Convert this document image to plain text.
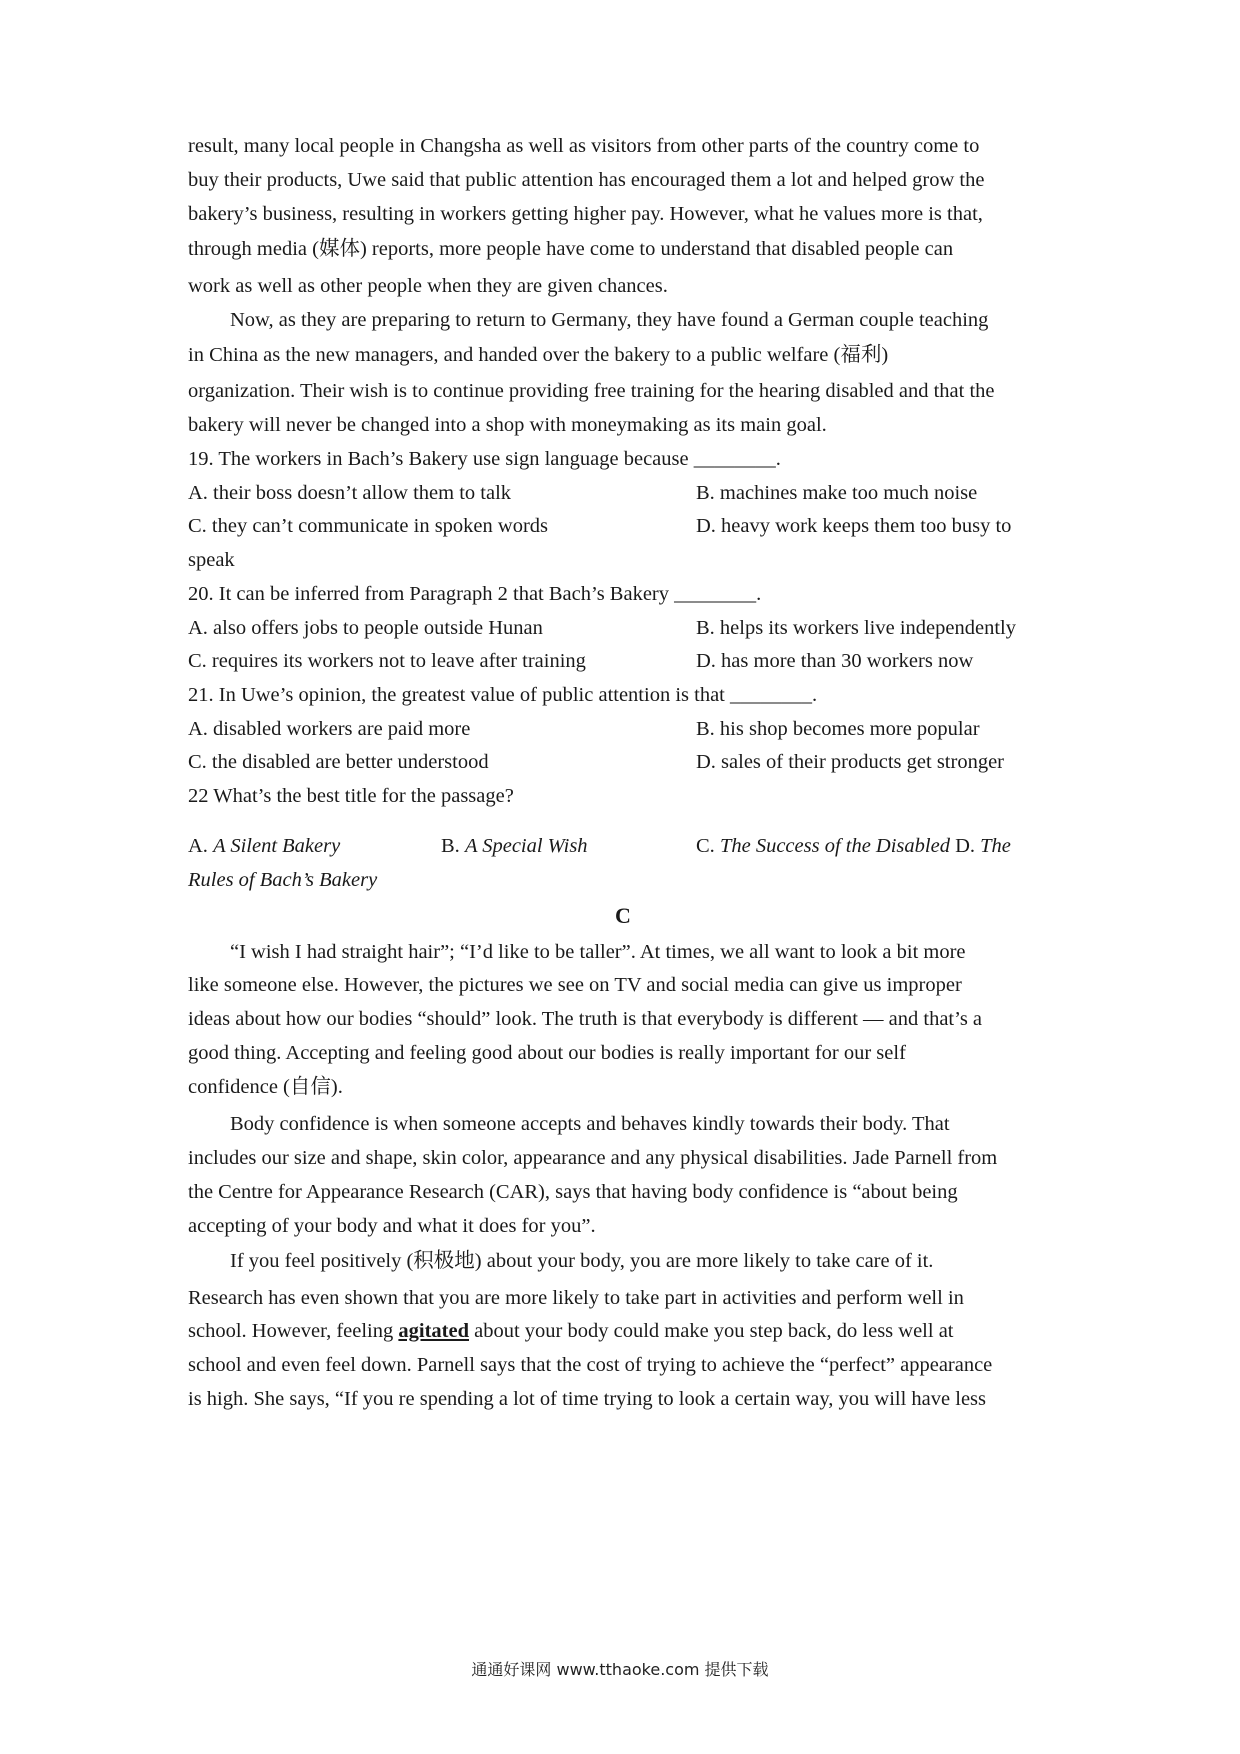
result, many local people in Changsha as well as visitors from other parts of the country come to
buy their products, Uwe said that public attention has encouraged them a lot and helped grow the
bakery’s business, resulting in workers getting higher pay. However, what he values more is that,
through media (媒体) reports, more people have come to understand that disabled people can
work as well as other people when they are given chances.
Now, as they are preparing to return to Germany, they have found a German couple teaching
in China as the new managers, and handed over the bakery to a public welfare (福利)
organization. Their wish is to continue providing free training for the hearing disabled and that the
bakery will never be changed into a shop with moneymaking as its main goal.
19. The workers in Bach’s Bakery use sign language because ________.
A. their boss doesn’t allow them to talk	B. machines make too much noise
C. they can’t communicate in spoken words	D. heavy work keeps them too busy to
speak
20. It can be inferred from Paragraph 2 that Bach’s Bakery ________.
A. also offers jobs to people outside Hunan	B. helps its workers live independently
C. requires its workers not to leave after training	D. has more than 30 workers now
21. In Uwe’s opinion, the greatest value of public attention is that ________.
A. disabled workers are paid more	B. his shop becomes more popular
C. the disabled are better understood	D. sales of their products get stronger
22 What’s the best title for the passage?
A. A Silent Bakery	B. A Special Wish	C. The Success of the Disabled D. The
Rules of Bach’s Bakery
C
“I wish I had straight hair”; “I’d like to be taller”. At times, we all want to look a bit more
like someone else. However, the pictures we see on TV and social media can give us improper
ideas about how our bodies “should” look. The truth is that everybody is different — and that’s a
good thing. Accepting and feeling good about our bodies is really important for our self
confidence (自信).
Body confidence is when someone accepts and behaves kindly towards their body. That
includes our size and shape, skin color, appearance and any physical disabilities. Jade Parnell from
the Centre for Appearance Research (CAR), says that having body confidence is “about being
accepting of your body and what it does for you”.
If you feel positively (积极地) about your body, you are more likely to take care of it.
Research has even shown that you are more likely to take part in activities and perform well in
school. However, feeling agitated about your body could make you step back, do less well at
school and even feel down. Parnell says that the cost of trying to achieve the “perfect” appearance
is high. She says, “If you re spending a lot of time trying to look a certain way, you will have less
通通好课网 www.tthaoke.com 提供下载
